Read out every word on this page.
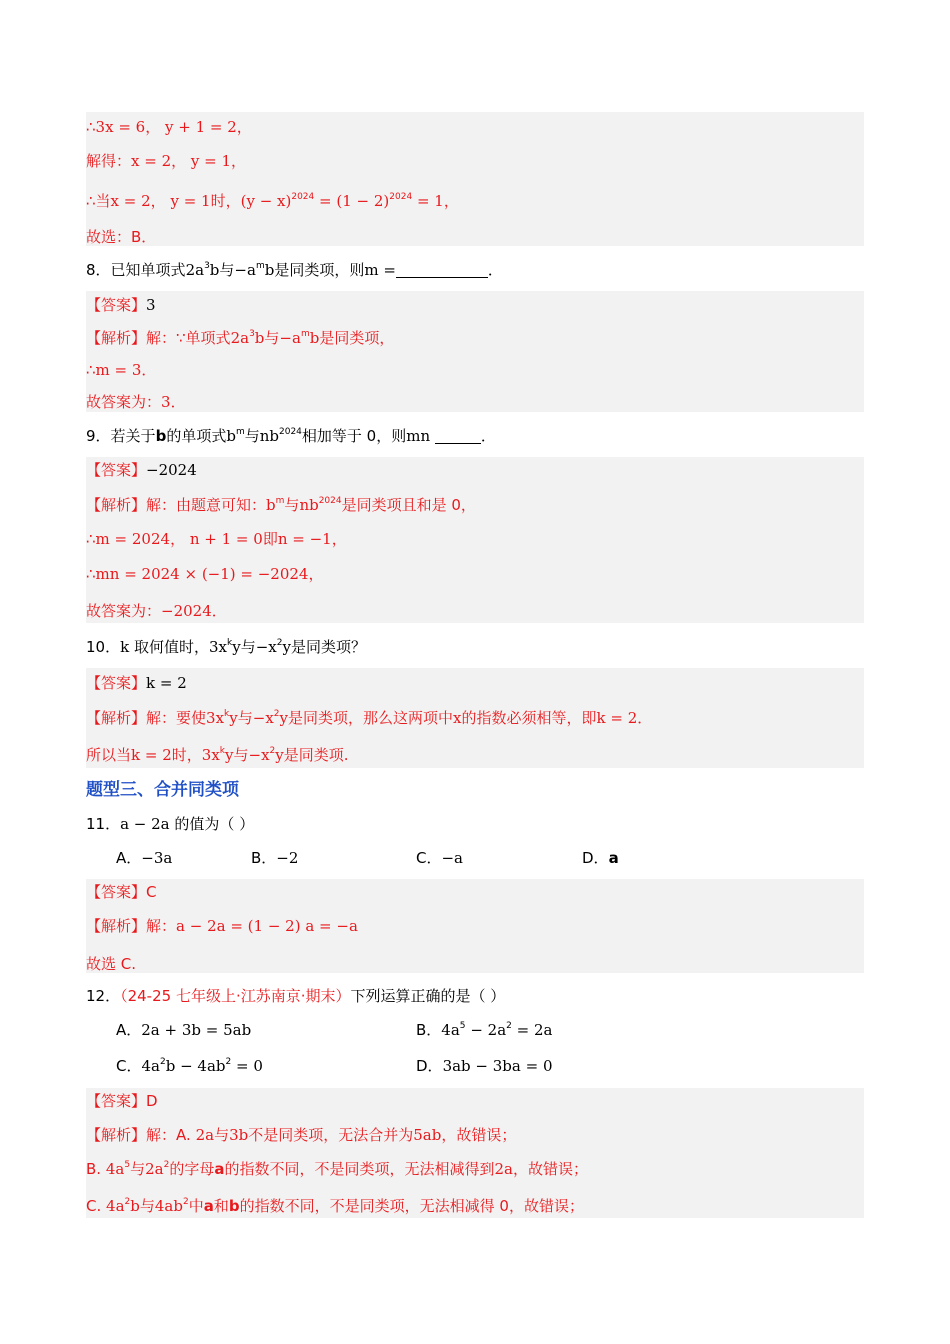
∴3x = 6， y + 1 = 2，
解得：x = 2， y = 1，
∴当x = 2， y = 1时，$(y - x)^{2024} = (1 - 2)^{2024} = 1$，
故选：B．
8．已知单项式$2a^3b$与$-a^mb$是同类项，则m =	．
【答案】3
【解析】解：∵单项式$2a^3b$与$-a^mb$是同类项，
∴m = 3．
故答案为：3．
9．若关于b的单项式$b^m$与$nb^{2024}$相加等于 0，则mn	．
【答案】−2024
【解析】解：由题意可知：$b^m$与$nb^{2024}$是同类项且和是 0，
∴m = 2024， n + 1 = 0即n = −1，
∴mn = 2024 × (−1) = −2024，
故答案为：−2024．
10．k 取何值时，$3x^ky$与$-x^2y$是同类项？
【答案】k = 2
【解析】解：要使$3x^ky$与$-x^2y$是同类项，那么这两项中x的指数必须相等，即k = 2．
所以当k = 2时，$3x^ky$与$-x^2y$是同类项.
题型三、合并同类项
11．a − 2a 的值为（ ）
A．−3a	B．−2	C．−a	D．a
【答案】C
【解析】解：a − 2a = (1 − 2) a = −a
故选 C.
12．（24-25 七年级上·江苏南京·期末）下列运算正确的是（ ）
A．2a + 3b = 5ab	B．$4a^5 - 2a^2 = 2a$
C．$4a^2b - 4ab^2 = 0$	D．3ab − 3ba = 0
【答案】D
【解析】解：A. 2a与3b不是同类项，无法合并为5ab，故错误；
B. $4a^5$与$2a^2$的字母a的指数不同，不是同类项，无法相减得到2a，故错误；
C. $4a^2b$与$4ab^2$中a和b的指数不同，不是同类项，无法相减得 0，故错误；
